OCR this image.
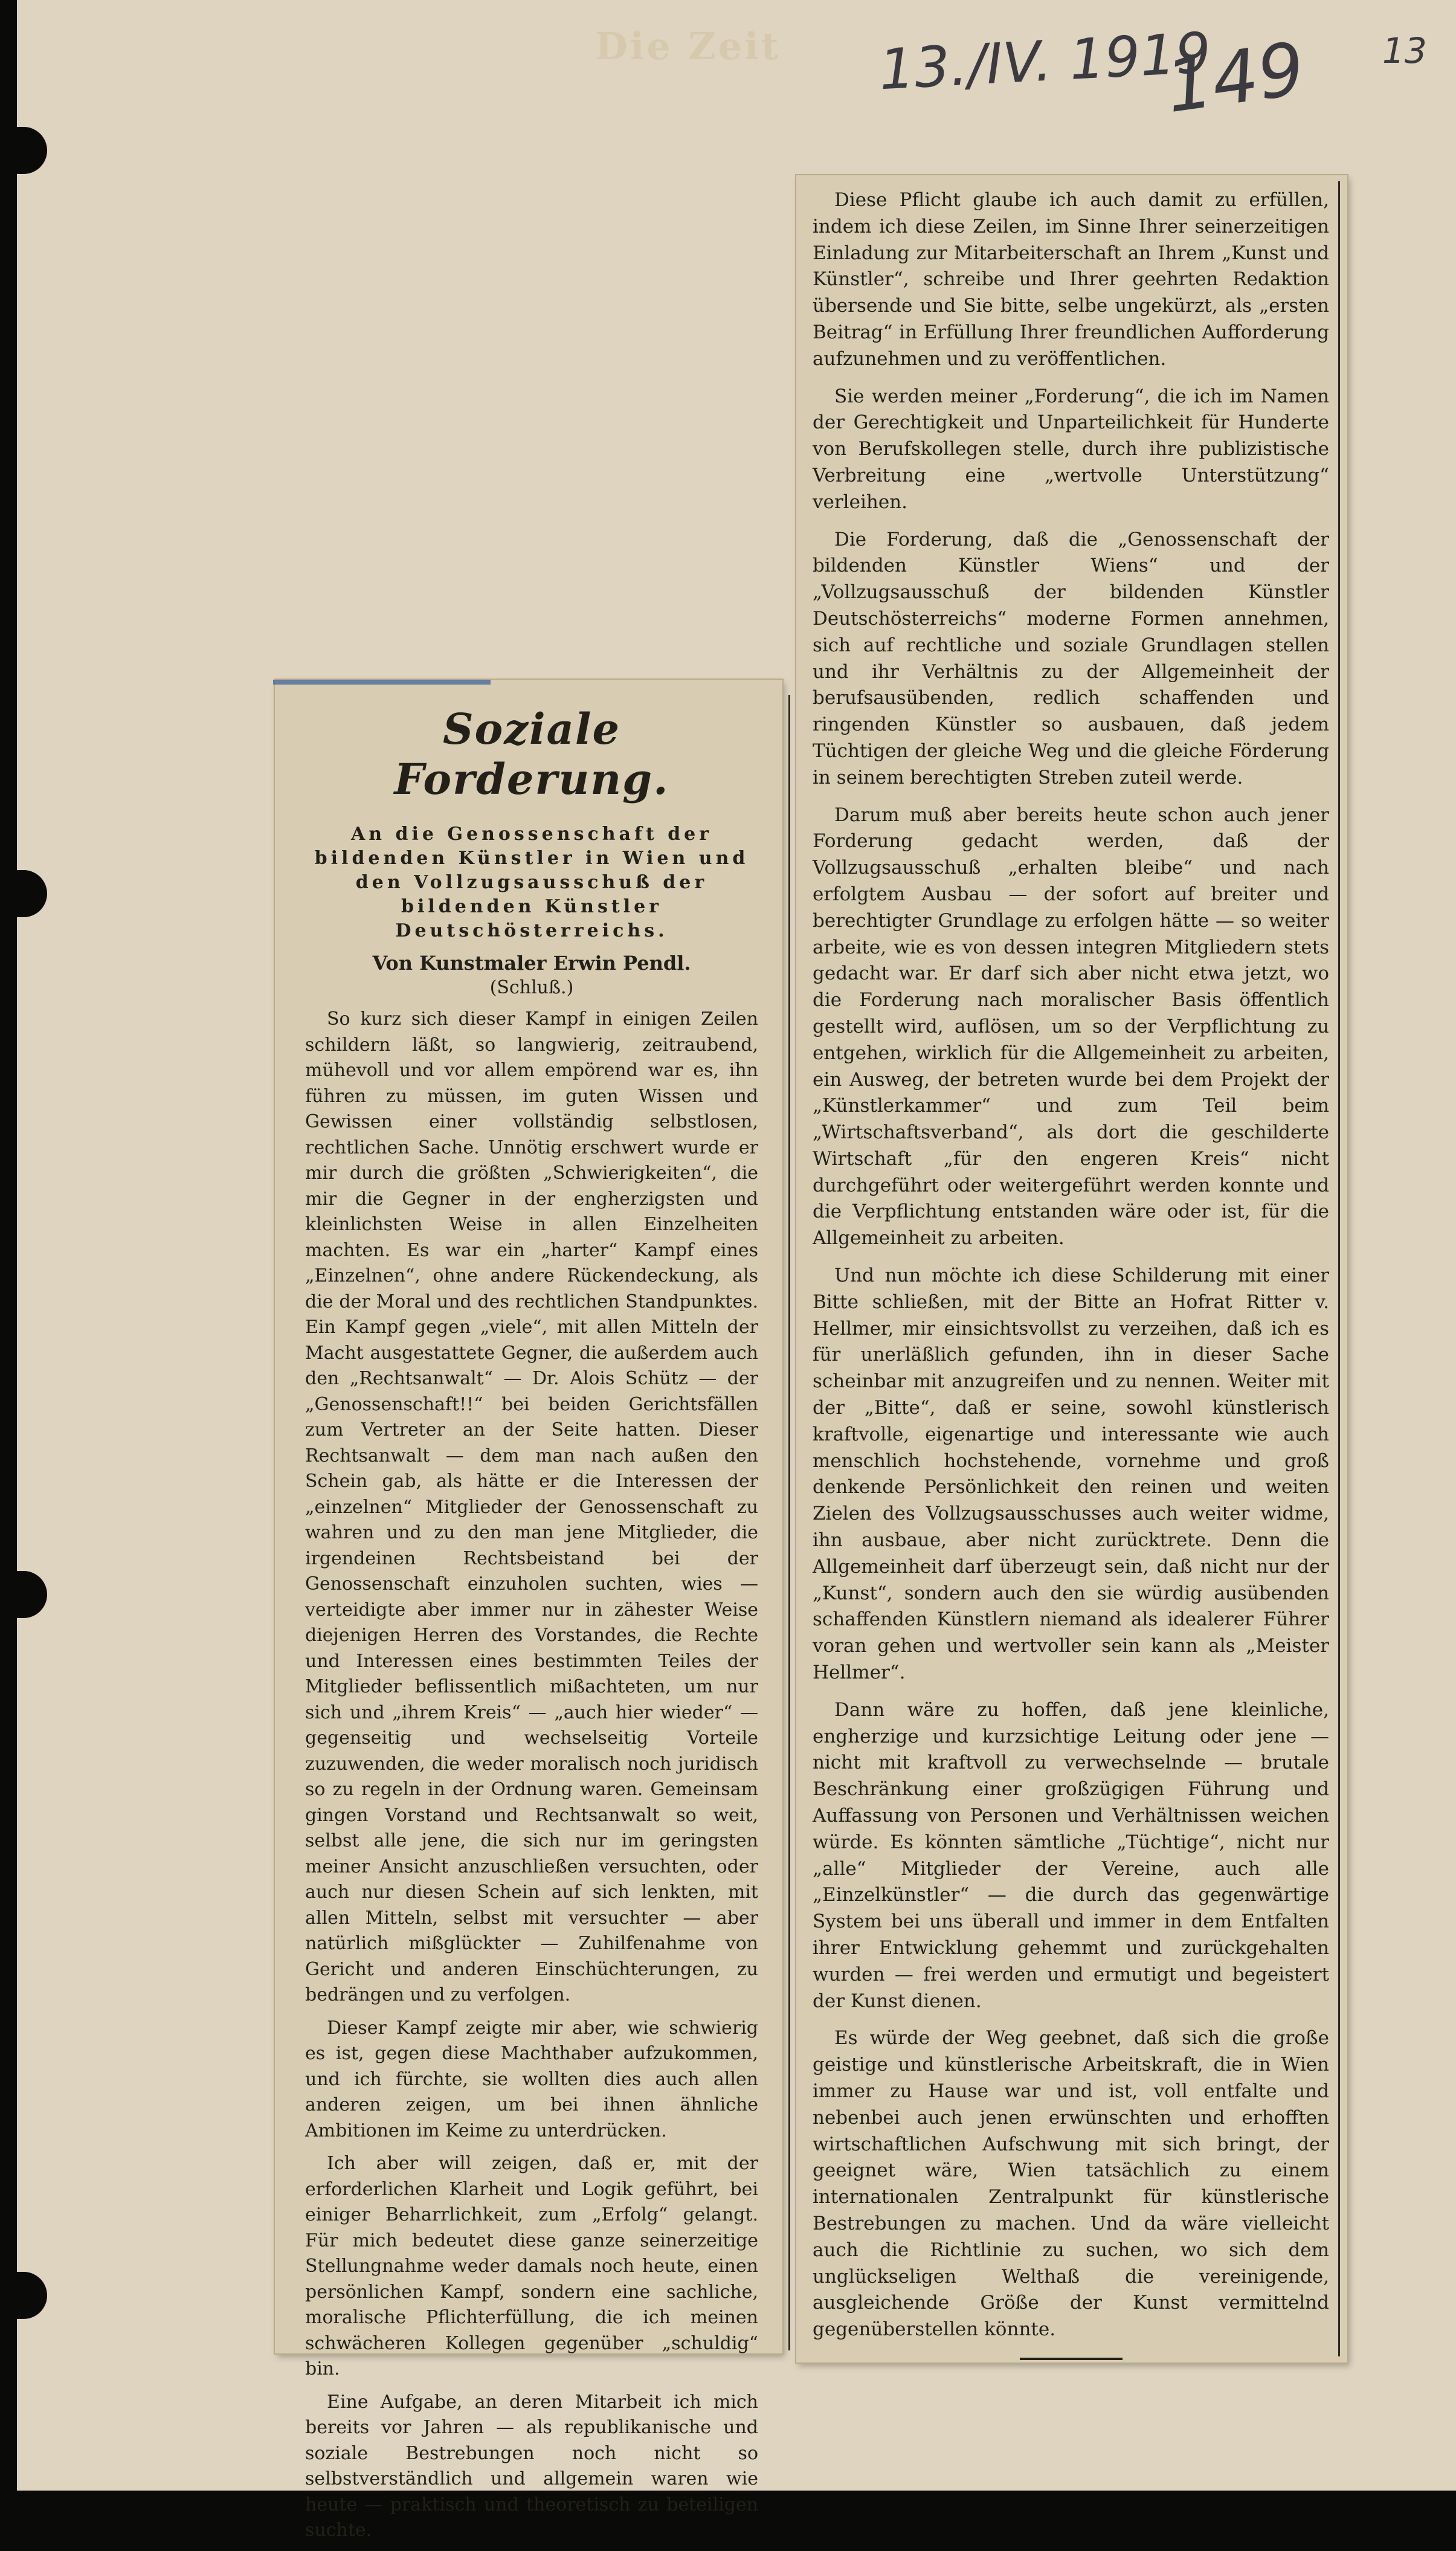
Die Zeit 13./IV. 1919
149 13
Soziale Forderung.
An die Genossenschaft der bildenden Künstler in Wien und den Vollzugsausschuß der bildenden Künstler Deutschösterreichs.
Von Kunstmaler Erwin Pendl.
(Schluß.)

So kurz sich dieser Kampf in einigen Zeilen schildern läßt, so langwierig, zeitraubend, mühevoll und vor allem empörend war es, ihn führen zu müssen, im guten Wissen und Gewissen einer vollständig selbstlosen, rechtlichen Sache. Unnötig erschwert wurde er mir durch die größten „Schwierigkeiten“, die mir die Gegner in der engherzigsten und kleinlichsten Weise in allen Einzelheiten machten. Es war ein „harter“ Kampf eines „Einzelnen“, ohne andere Rückendeckung, als die der Moral und des rechtlichen Standpunktes. Ein Kampf gegen „viele“, mit allen Mitteln der Macht ausgestattete Gegner, die außerdem auch den „Rechtsanwalt“ — Dr. Alois Schütz — der „Genossenschaft!!“ bei beiden Gerichtsfällen zum Vertreter an der Seite hatten. Dieser Rechtsanwalt — dem man nach außen den Schein gab, als hätte er die Interessen der „einzelnen“ Mitglieder der Genossenschaft zu wahren und zu den man jene Mitglieder, die irgendeinen Rechtsbeistand bei der Genossenschaft einzuholen suchten, wies — verteidigte aber immer nur in zähester Weise diejenigen Herren des Vorstandes, die Rechte und Interessen eines bestimmten Teiles der Mitglieder beflissentlich mißachteten, um nur sich und „ihrem Kreis“ — „auch hier wieder“ — gegenseitig und wechselseitig Vorteile zuzuwenden, die weder moralisch noch juridisch so zu regeln in der Ordnung waren. Gemeinsam gingen Vorstand und Rechtsanwalt so weit, selbst alle jene, die sich nur im geringsten meiner Ansicht anzuschließen versuchten, oder auch nur diesen Schein auf sich lenkten, mit allen Mitteln, selbst mit versuchter — aber natürlich mißglückter — Zuhilfenahme von Gericht und anderen Einschüchterungen, zu bedrängen und zu verfolgen.

Dieser Kampf zeigte mir aber, wie schwierig es ist, gegen diese Machthaber aufzukommen, und ich fürchte, sie wollten dies auch allen anderen zeigen, um bei ihnen ähnliche Ambitionen im Keime zu unterdrücken.

Ich aber will zeigen, daß er, mit der erforderlichen Klarheit und Logik geführt, bei einiger Beharrlichkeit, zum „Erfolg“ gelangt. Für mich bedeutet diese ganze seinerzeitige Stellungnahme weder damals noch heute, einen persönlichen Kampf, sondern eine sachliche, moralische Pflichterfüllung, die ich meinen schwächeren Kollegen gegenüber „schuldig“ bin.

Eine Aufgabe, an deren Mitarbeit ich mich bereits vor Jahren — als republikanische und soziale Bestrebungen noch nicht so selbstverständlich und allgemein waren wie heute — praktisch und theoretisch zu beteiligen suchte.

Diese Pflicht glaube ich auch damit zu erfüllen, indem ich diese Zeilen, im Sinne Ihrer seinerzeitigen Einladung zur Mitarbeiterschaft an Ihrem „Kunst und Künstler“, schreibe und Ihrer geehrten Redaktion übersende und Sie bitte, selbe ungekürzt, als „ersten Beitrag“ in Erfüllung Ihrer freundlichen Aufforderung aufzunehmen und zu veröffentlichen.

Sie werden meiner „Forderung“, die ich im Namen der Gerechtigkeit und Unparteilichkeit für Hunderte von Berufskollegen stelle, durch ihre publizistische Verbreitung eine „wertvolle Unterstützung“ verleihen.

Die Forderung, daß die „Genossenschaft der bildenden Künstler Wiens“ und der „Vollzugsausschuß der bildenden Künstler Deutschösterreichs“ moderne Formen annehmen, sich auf rechtliche und soziale Grundlagen stellen und ihr Verhältnis zu der Allgemeinheit der berufsausübenden, redlich schaffenden und ringenden Künstler so ausbauen, daß jedem Tüchtigen der gleiche Weg und die gleiche Förderung in seinem berechtigten Streben zuteil werde.

Darum muß aber bereits heute schon auch jener Forderung gedacht werden, daß der Vollzugsausschuß „erhalten bleibe“ und nach erfolgtem Ausbau — der sofort auf breiter und berechtigter Grundlage zu erfolgen hätte — so weiter arbeite, wie es von dessen integren Mitgliedern stets gedacht war. Er darf sich aber nicht etwa jetzt, wo die Forderung nach moralischer Basis öffentlich gestellt wird, auflösen, um so der Verpflichtung zu entgehen, wirklich für die Allgemeinheit zu arbeiten, ein Ausweg, der betreten wurde bei dem Projekt der „Künstlerkammer“ und zum Teil beim „Wirtschaftsverband“, als dort die geschilderte Wirtschaft „für den engeren Kreis“ nicht durchgeführt oder weitergeführt werden konnte und die Verpflichtung entstanden wäre oder ist, für die Allgemeinheit zu arbeiten.

Und nun möchte ich diese Schilderung mit einer Bitte schließen, mit der Bitte an Hofrat Ritter v. Hellmer, mir einsichtsvollst zu verzeihen, daß ich es für unerläßlich gefunden, ihn in dieser Sache scheinbar mit anzugreifen und zu nennen. Weiter mit der „Bitte“, daß er seine, sowohl künstlerisch kraftvolle, eigenartige und interessante wie auch menschlich hochstehende, vornehme und groß denkende Persönlichkeit den reinen und weiten Zielen des Vollzugsausschusses auch weiter widme, ihn ausbaue, aber nicht zurücktrete. Denn die Allgemeinheit darf überzeugt sein, daß nicht nur der „Kunst“, sondern auch den sie würdig ausübenden schaffenden Künstlern niemand als idealerer Führer voran gehen und wertvoller sein kann als „Meister Hellmer“.

Dann wäre zu hoffen, daß jene kleinliche, engherzige und kurzsichtige Leitung oder jene — nicht mit kraftvoll zu verwechselnde — brutale Beschränkung einer großzügigen Führung und Auffassung von Personen und Verhältnissen weichen würde. Es könnten sämtliche „Tüchtige“, nicht nur „alle“ Mitglieder der Vereine, auch alle „Einzelkünstler“ — die durch das gegenwärtige System bei uns überall und immer in dem Entfalten ihrer Entwicklung gehemmt und zurückgehalten wurden — frei werden und ermutigt und begeistert der Kunst dienen.

Es würde der Weg geebnet, daß sich die große geistige und künstlerische Arbeitskraft, die in Wien immer zu Hause war und ist, voll entfalte und nebenbei auch jenen erwünschten und erhofften wirtschaftlichen Aufschwung mit sich bringt, der geeignet wäre, Wien tatsächlich zu einem internationalen Zentralpunkt für künstlerische Bestrebungen zu machen. Und da wäre vielleicht auch die Richtlinie zu suchen, wo sich dem unglückseligen Welthaß die vereinigende, ausgleichende Größe der Kunst vermittelnd gegenüberstellen könnte.
